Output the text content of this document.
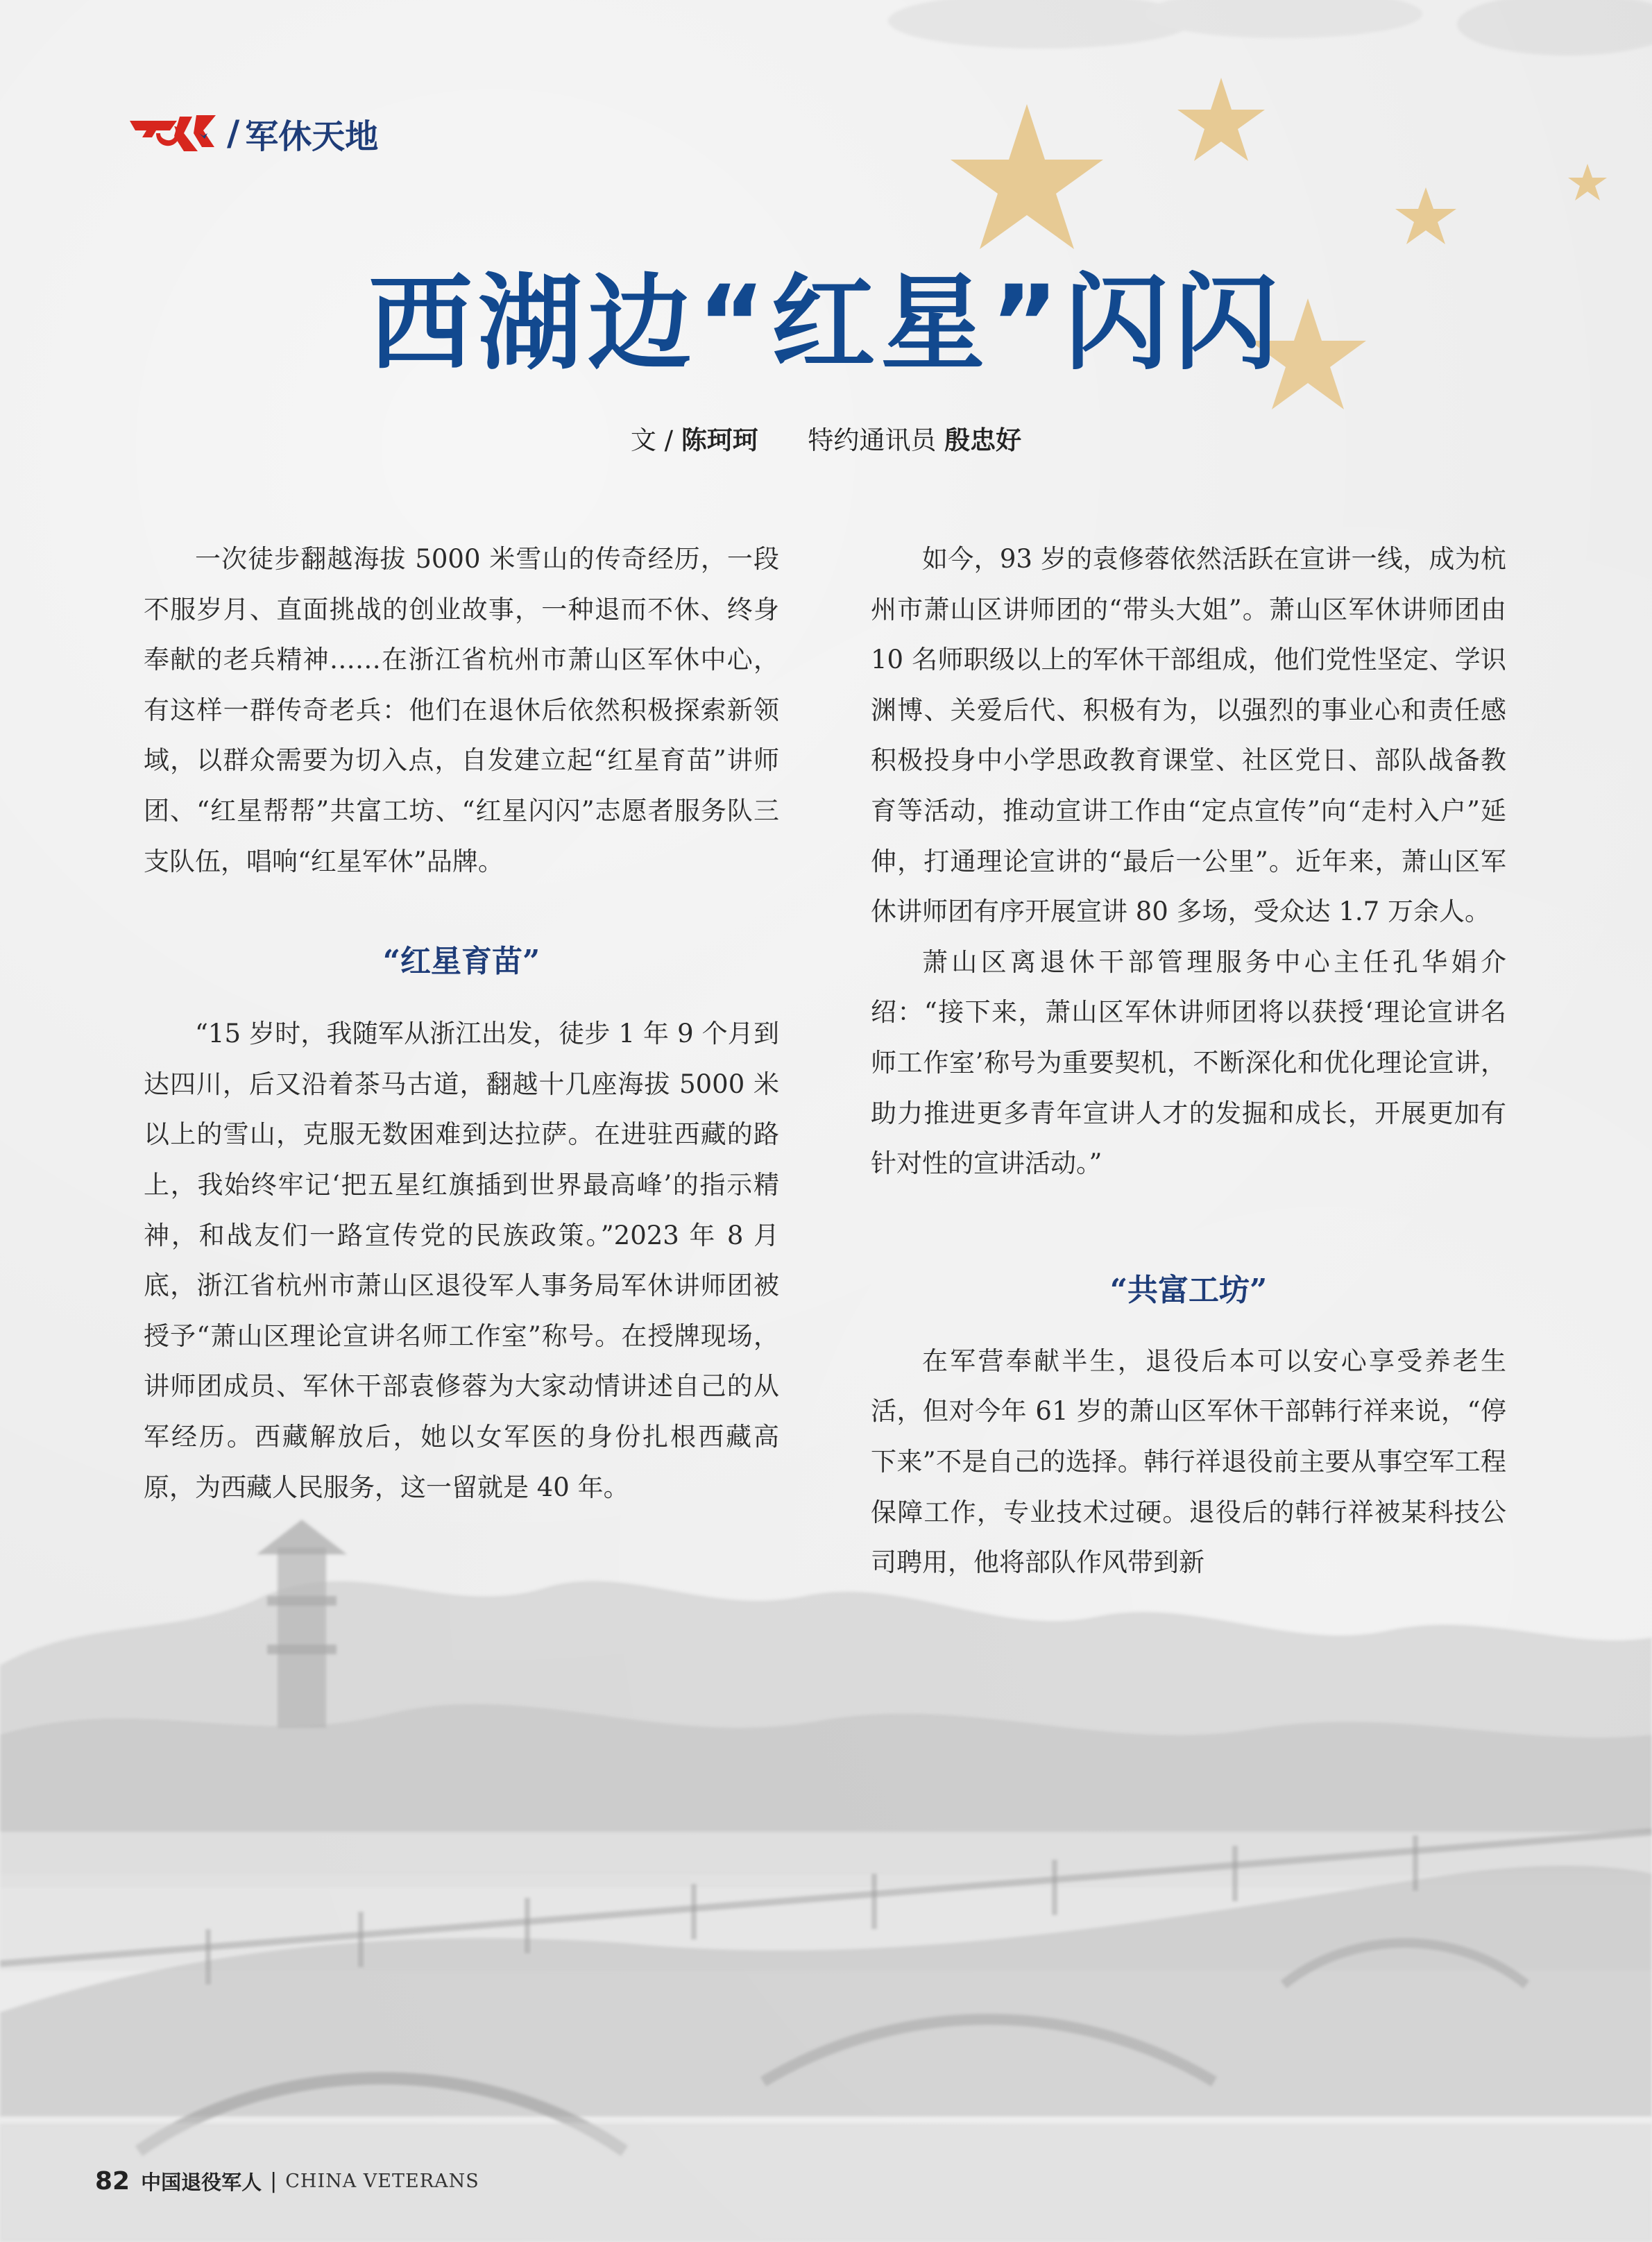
/ 军休天地
西湖边“红星”闪闪
文 / 陈珂珂 特约通讯员 殷忠好

一次徒步翻越海拔 5000 米雪山的传奇经历，一段不服岁月、直面挑战的创业故事，一种退而不休、终身奉献的老兵精神……在浙江省杭州市萧山区军休中心，有这样一群传奇老兵：他们在退休后依然积极探索新领域，以群众需要为切入点，自发建立起“红星育苗”讲师团、“红星帮帮”共富工坊、“红星闪闪”志愿者服务队三支队伍，唱响“红星军休”品牌。

“红星育苗”

“15 岁时，我随军从浙江出发，徒步 1 年 9 个月到达四川，后又沿着茶马古道，翻越十几座海拔 5000 米以上的雪山，克服无数困难到达拉萨。在进驻西藏的路上，我始终牢记‘把五星红旗插到世界最高峰’的指示精神，和战友们一路宣传党的民族政策。”2023 年 8 月底，浙江省杭州市萧山区退役军人事务局军休讲师团被授予“萧山区理论宣讲名师工作室”称号。在授牌现场，讲师团成员、军休干部袁修蓉为大家动情讲述自己的从军经历。西藏解放后，她以女军医的身份扎根西藏高原，为西藏人民服务，这一留就是 40 年。

如今，93 岁的袁修蓉依然活跃在宣讲一线，成为杭州市萧山区讲师团的“带头大姐”。萧山区军休讲师团由 10 名师职级以上的军休干部组成，他们党性坚定、学识渊博、关爱后代、积极有为，以强烈的事业心和责任感积极投身中小学思政教育课堂、社区党日、部队战备教育等活动，推动宣讲工作由“定点宣传”向“走村入户”延伸，打通理论宣讲的“最后一公里”。近年来，萧山区军休讲师团有序开展宣讲 80 多场，受众达 1.7 万余人。

萧山区离退休干部管理服务中心主任孔华娟介绍：“接下来，萧山区军休讲师团将以获授‘理论宣讲名师工作室’称号为重要契机，不断深化和优化理论宣讲，助力推进更多青年宣讲人才的发掘和成长，开展更加有针对性的宣讲活动。”

“共富工坊”

在军营奉献半生，退役后本可以安心享受养老生活，但对今年 61 岁的萧山区军休干部韩行祥来说，“停下来”不是自己的选择。韩行祥退役前主要从事空军工程保障工作，专业技术过硬。退役后的韩行祥被某科技公司聘用，他将部队作风带到新

82 中国退役军人 | CHINA VETERANS
